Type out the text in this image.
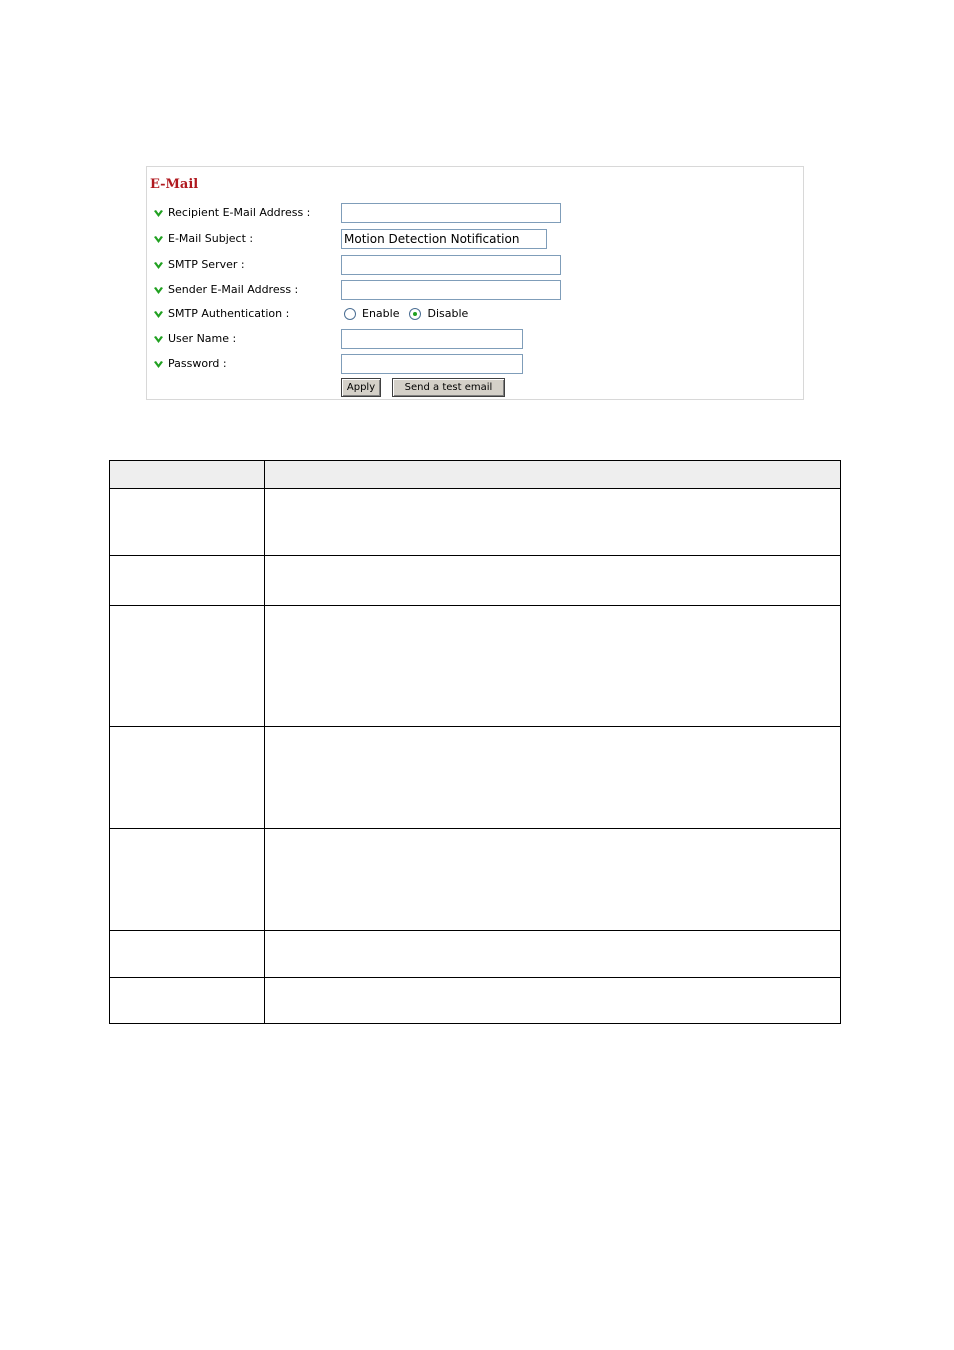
E-Mail
Recipient E-Mail Address :
E-Mail Subject :
Motion Detection Notification
SMTP Server :
Sender E-Mail Address :
SMTP Authentication :	Enable	Disable
User Name :
Password :
Apply	Send a test email
